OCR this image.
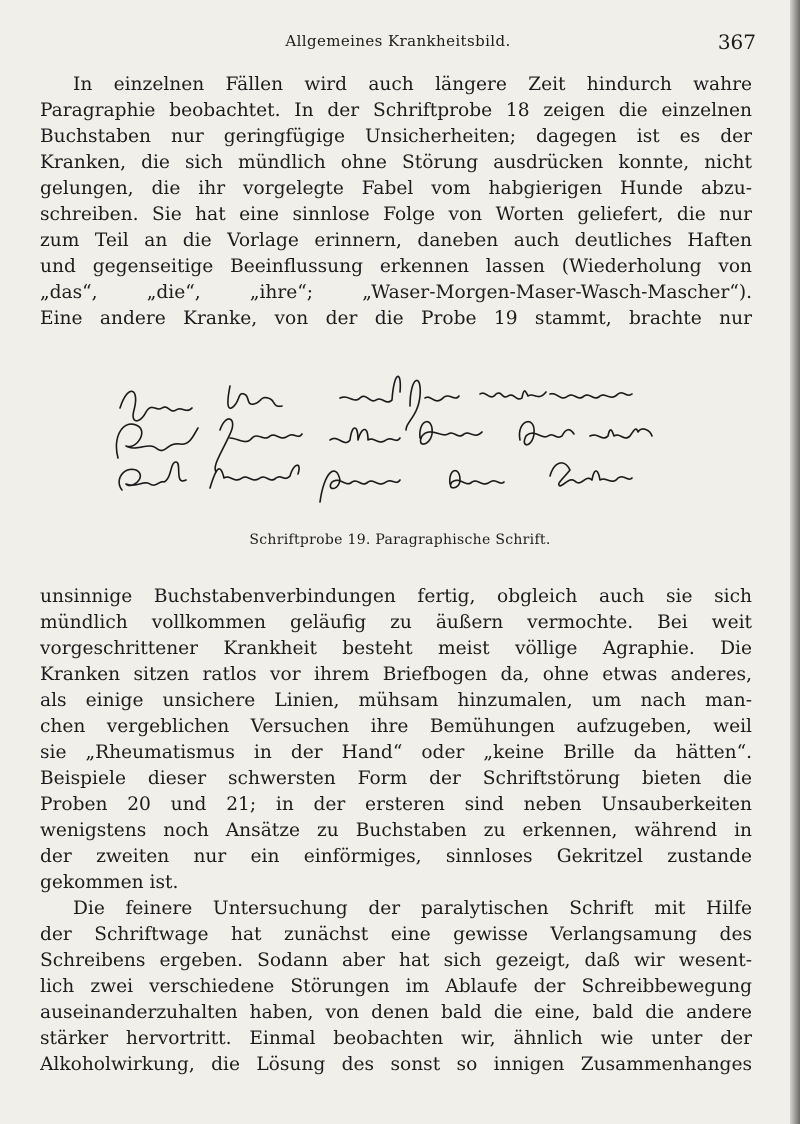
Allgemeines Krankheitsbild.	367
In einzelnen Fällen wird auch längere Zeit hindurch wahre
Paragraphie beobachtet. In der Schriftprobe 18 zeigen die einzelnen
Buchstaben nur geringfügige Unsicherheiten; dagegen ist es der
Kranken, die sich mündlich ohne Störung ausdrücken konnte, nicht
gelungen, die ihr vorgelegte Fabel vom habgierigen Hunde abzu-
schreiben. Sie hat eine sinnlose Folge von Worten geliefert, die nur
zum Teil an die Vorlage erinnern, daneben auch deutliches Haften
und gegenseitige Beeinflussung erkennen lassen (Wiederholung von
„das“, „die“, „ihre“; „Waser-Morgen-Maser-Wasch-Mascher“).
Eine andere Kranke, von der die Probe 19 stammt, brachte nur
Schriftprobe 19. Paragraphische Schrift.
unsinnige Buchstabenverbindungen fertig, obgleich auch sie sich
mündlich vollkommen geläufig zu äußern vermochte. Bei weit
vorgeschrittener Krankheit besteht meist völlige Agraphie. Die
Kranken sitzen ratlos vor ihrem Briefbogen da, ohne etwas anderes,
als einige unsichere Linien, mühsam hinzumalen, um nach man-
chen vergeblichen Versuchen ihre Bemühungen aufzugeben, weil
sie „Rheumatismus in der Hand“ oder „keine Brille da hätten“.
Beispiele dieser schwersten Form der Schriftstörung bieten die
Proben 20 und 21; in der ersteren sind neben Unsauberkeiten
wenigstens noch Ansätze zu Buchstaben zu erkennen, während in
der zweiten nur ein einförmiges, sinnloses Gekritzel zustande
gekommen ist.
Die feinere Untersuchung der paralytischen Schrift mit Hilfe
der Schriftwage hat zunächst eine gewisse Verlangsamung des
Schreibens ergeben. Sodann aber hat sich gezeigt, daß wir wesent-
lich zwei verschiedene Störungen im Ablaufe der Schreibbewegung
auseinanderzuhalten haben, von denen bald die eine, bald die andere
stärker hervortritt. Einmal beobachten wir, ähnlich wie unter der
Alkoholwirkung, die Lösung des sonst so innigen Zusammenhanges
